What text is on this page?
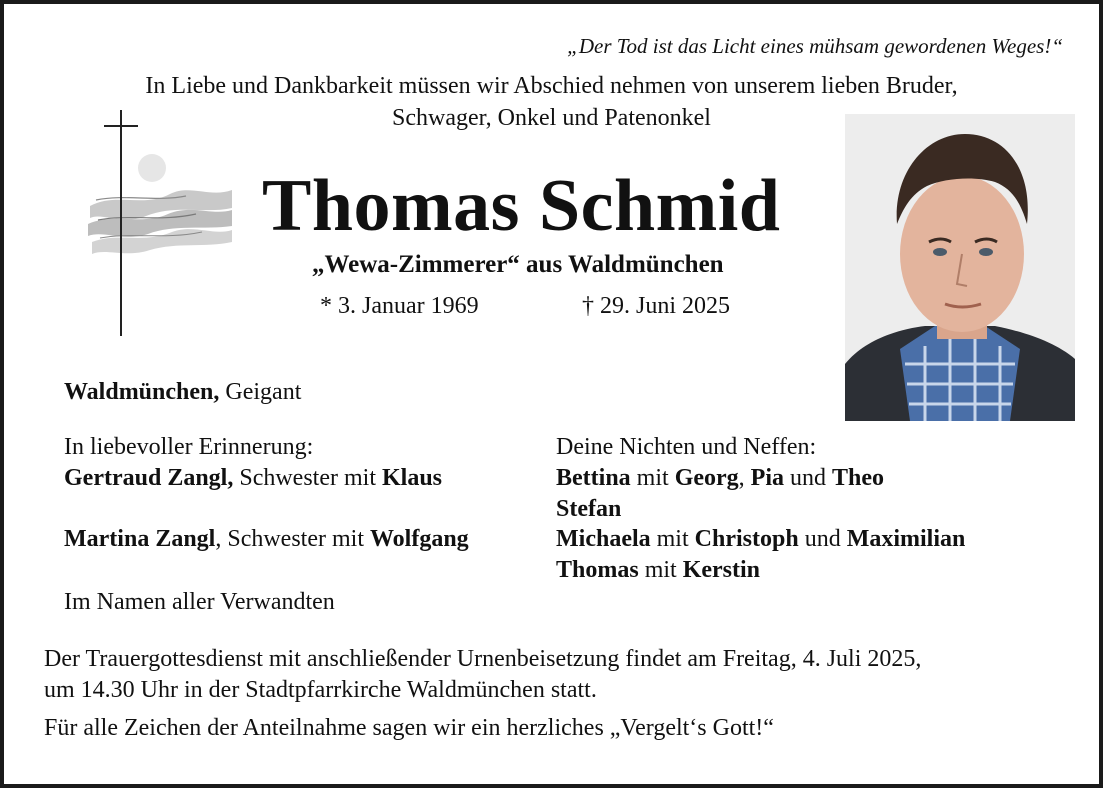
„Der Tod ist das Licht eines mühsam gewordenen Weges!“
In Liebe und Dankbarkeit müssen wir Abschied nehmen von unserem lieben Bruder,
Schwager, Onkel und Patenonkel
Thomas Schmid
„Wewa-Zimmerer“ aus Waldmünchen
* 3. Januar 1969	† 29. Juni 2025
Waldmünchen, Geigant
In liebevoller Erinnerung:
Gertraud Zangl, Schwester mit Klaus
Martina Zangl, Schwester mit Wolfgang
Im Namen aller Verwandten
Deine Nichten und Neffen:
Bettina mit Georg, Pia und Theo
Stefan
Michaela mit Christoph und Maximilian
Thomas mit Kerstin
Der Trauergottesdienst mit anschließender Urnenbeisetzung findet am Freitag, 4. Juli 2025,
um 14.30 Uhr in der Stadtpfarrkirche Waldmünchen statt.
Für alle Zeichen der Anteilnahme sagen wir ein herzliches „Vergelt‘s Gott!“
